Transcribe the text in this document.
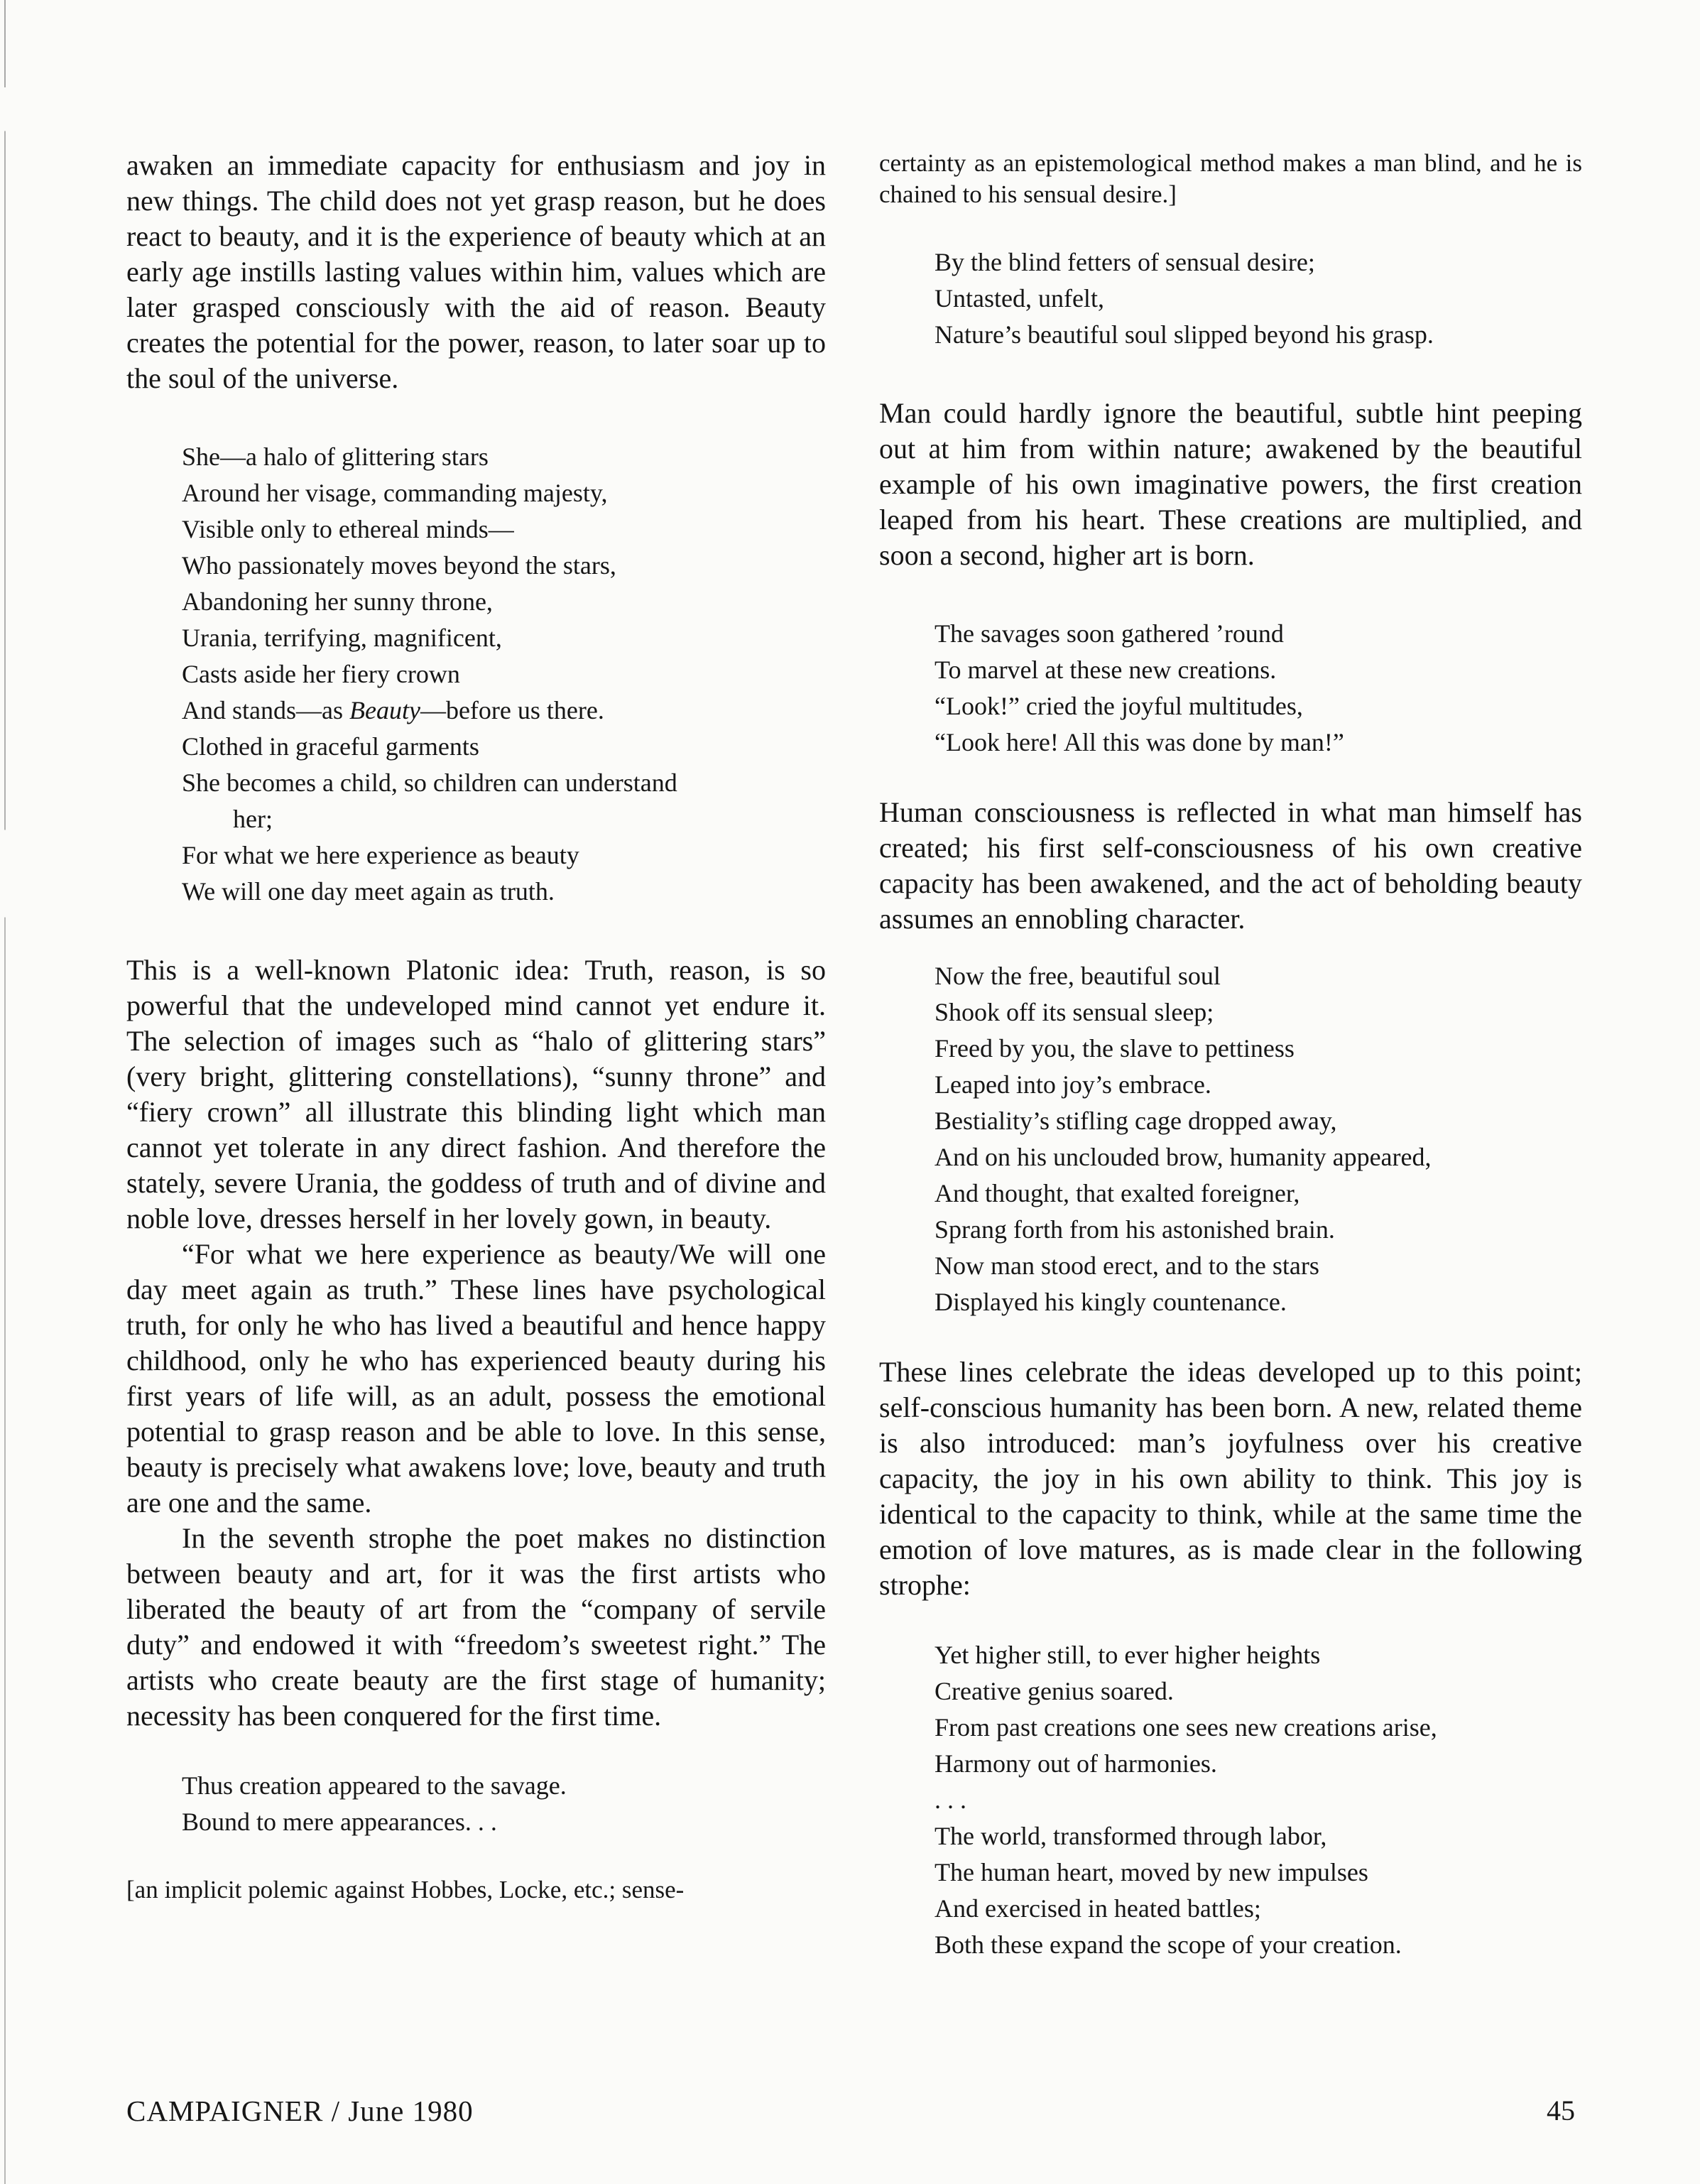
awaken an immediate capacity for enthusiasm and joy in new things. The child does not yet grasp reason, but he does react to beauty, and it is the experience of beauty which at an early age instills lasting values within him, values which are later grasped consciously with the aid of reason. Beauty creates the potential for the power, reason, to later soar up to the soul of the universe.

She—a halo of glittering stars
Around her visage, commanding majesty,
Visible only to ethereal minds—
Who passionately moves beyond the stars,
Abandoning her sunny throne,
Urania, terrifying, magnificent,
Casts aside her fiery crown
And stands—as Beauty—before us there.
Clothed in graceful garments
She becomes a child, so children can understand
her;
For what we here experience as beauty
We will one day meet again as truth.

This is a well-known Platonic idea: Truth, reason, is so powerful that the undeveloped mind cannot yet endure it. The selection of images such as “halo of glittering stars” (very bright, glittering constellations), “sunny throne” and “fiery crown” all illustrate this blinding light which man cannot yet tolerate in any direct fashion. And therefore the stately, severe Urania, the goddess of truth and of divine and noble love, dresses herself in her lovely gown, in beauty.

“For what we here experience as beauty/We will one day meet again as truth.” These lines have psychological truth, for only he who has lived a beautiful and hence happy childhood, only he who has experienced beauty during his first years of life will, as an adult, possess the emotional potential to grasp reason and be able to love. In this sense, beauty is precisely what awakens love; love, beauty and truth are one and the same.

In the seventh strophe the poet makes no distinction between beauty and art, for it was the first artists who liberated the beauty of art from the “company of servile duty” and endowed it with “freedom’s sweetest right.” The artists who create beauty are the first stage of humanity; necessity has been conquered for the first time.

Thus creation appeared to the savage.
Bound to mere appearances. . .

[an implicit polemic against Hobbes, Locke, etc.; sense-

certainty as an epistemological method makes a man blind, and he is chained to his sensual desire.]

By the blind fetters of sensual desire;
Untasted, unfelt,
Nature’s beautiful soul slipped beyond his grasp.

Man could hardly ignore the beautiful, subtle hint peeping out at him from within nature; awakened by the beautiful example of his own imaginative powers, the first creation leaped from his heart. These creations are multiplied, and soon a second, higher art is born.

The savages soon gathered ’round
To marvel at these new creations.
“Look!” cried the joyful multitudes,
“Look here! All this was done by man!”

Human consciousness is reflected in what man himself has created; his first self-consciousness of his own creative capacity has been awakened, and the act of beholding beauty assumes an ennobling character.

Now the free, beautiful soul
Shook off its sensual sleep;
Freed by you, the slave to pettiness
Leaped into joy’s embrace.
Bestiality’s stifling cage dropped away,
And on his unclouded brow, humanity appeared,
And thought, that exalted foreigner,
Sprang forth from his astonished brain.
Now man stood erect, and to the stars
Displayed his kingly countenance.

These lines celebrate the ideas developed up to this point; self-conscious humanity has been born. A new, related theme is also introduced: man’s joyfulness over his creative capacity, the joy in his own ability to think. This joy is identical to the capacity to think, while at the same time the emotion of love matures, as is made clear in the following strophe:

Yet higher still, to ever higher heights
Creative genius soared.
From past creations one sees new creations arise,
Harmony out of harmonies.
. . .
The world, transformed through labor,
The human heart, moved by new impulses
And exercised in heated battles;
Both these expand the scope of your creation.
CAMPAIGNER / June 1980	45
